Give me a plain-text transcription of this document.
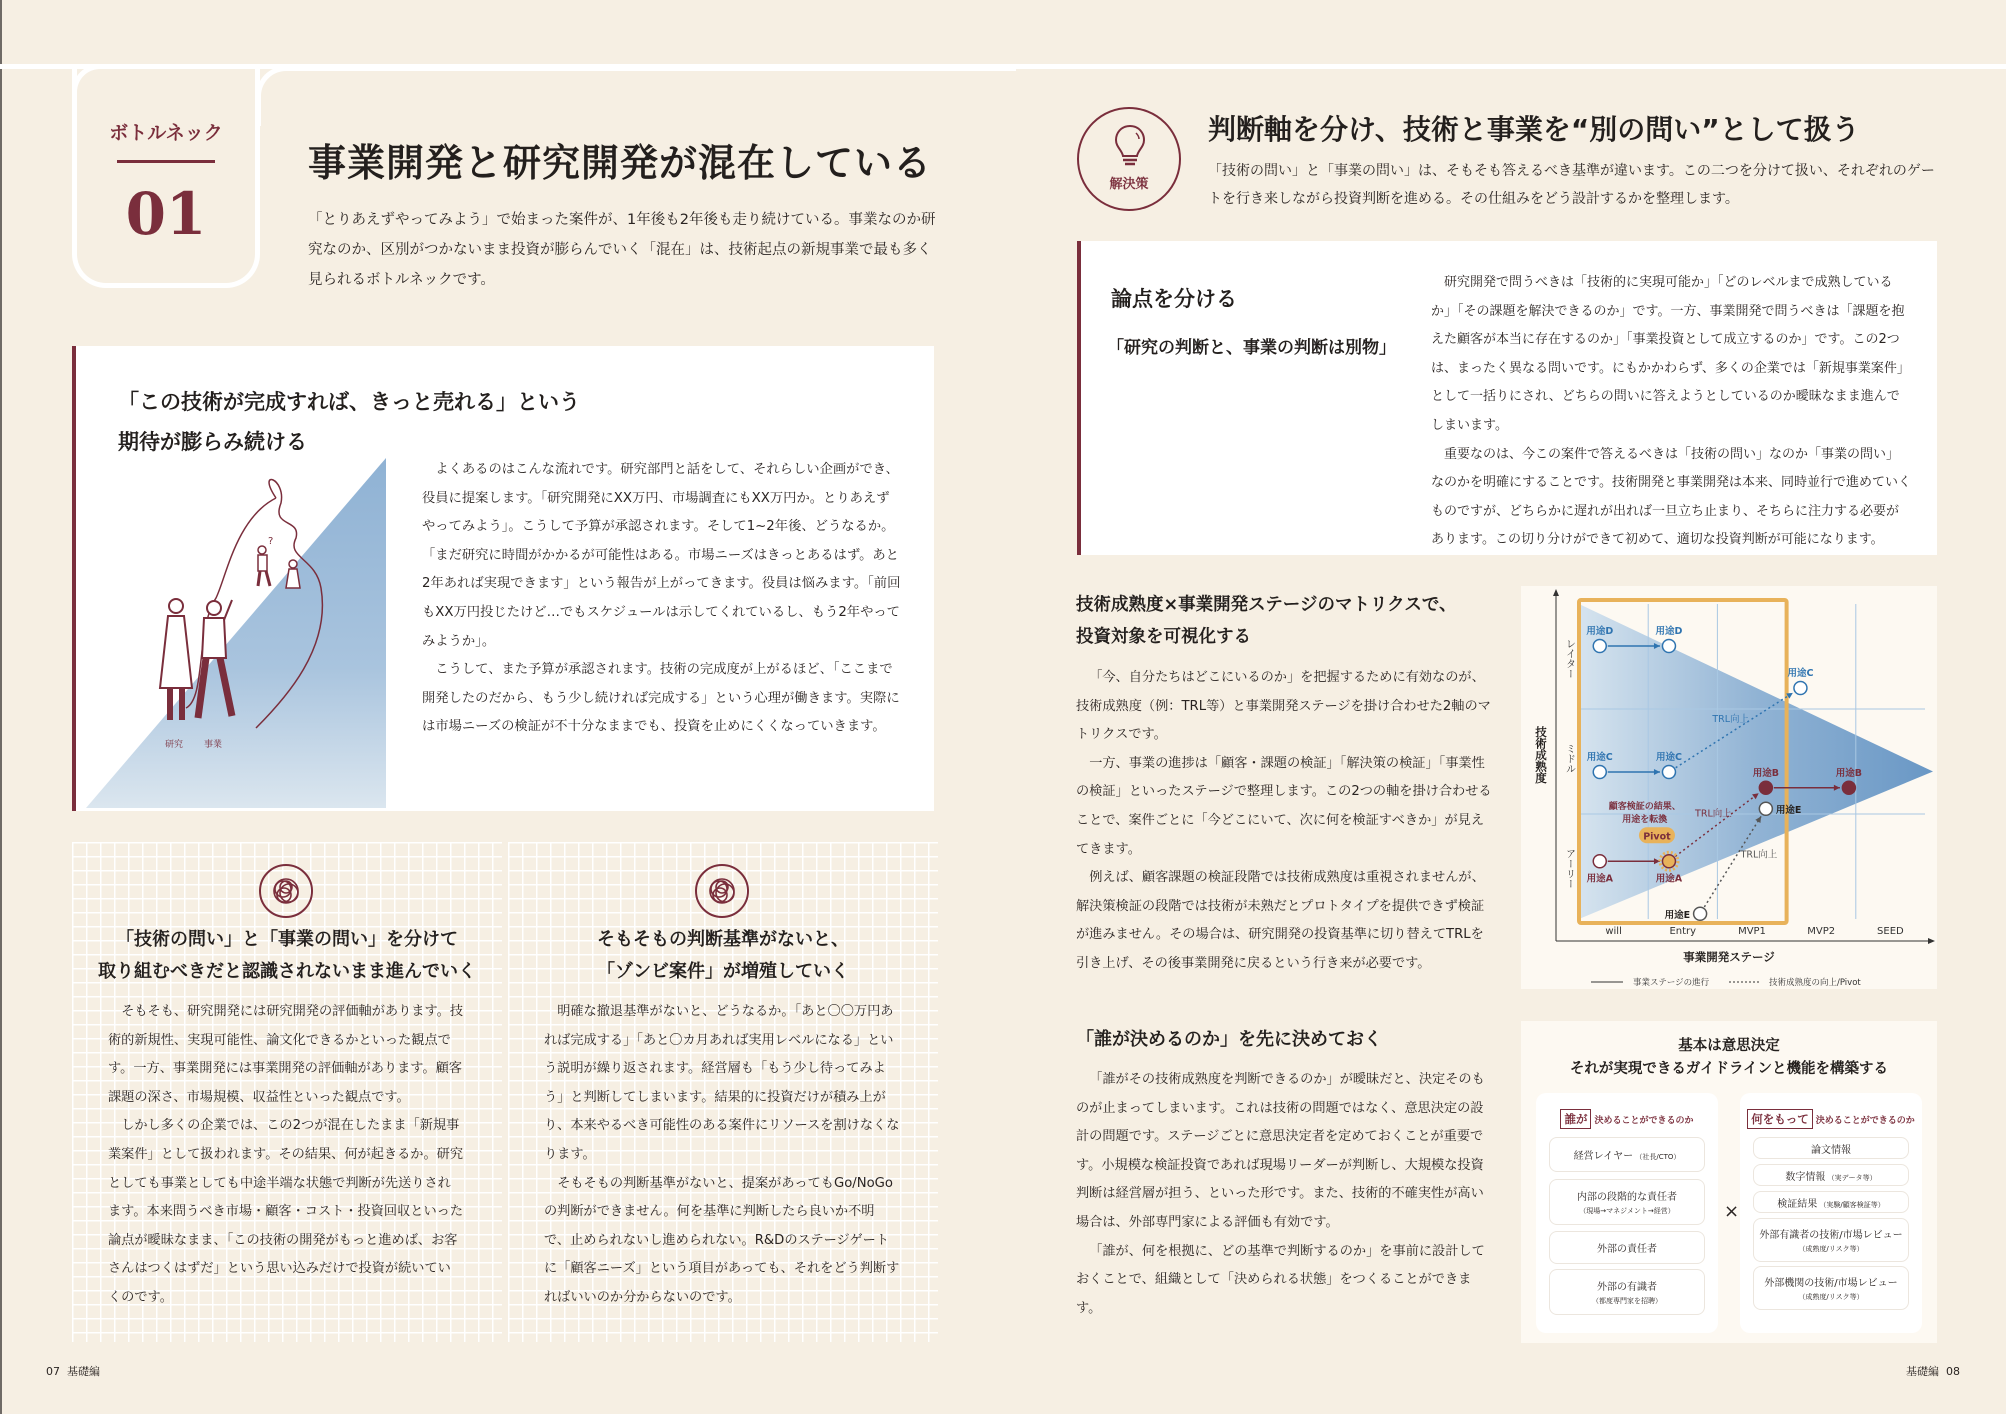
ボトルネック
01
事業開発と研究開発が混在している

「とりあえずやってみよう」で始まった案件が、1年後も2年後も走り続けている。事業なのか研究なのか、区別がつかないまま投資が膨らんでいく「混在」は、技術起点の新規事業で最も多く見られるボトルネックです。

「この技術が完成すれば、きっと売れる」という
期待が膨らみ続ける
?
研究 事業

よくあるのはこんな流れです。研究部門と話をして、それらしい企画ができ、役員に提案します。「研究開発にXX万円、市場調査にもXX万円か。とりあえずやってみよう」。こうして予算が承認されます。そして1~2年後、どうなるか。「まだ研究に時間がかかるが可能性はある。市場ニーズはきっとあるはず。あと2年あれば実現できます」という報告が上がってきます。役員は悩みます。「前回もXX万円投じたけど…でもスケジュールは示してくれているし、もう2年やってみようか」。

こうして、また予算が承認されます。技術の完成度が上がるほど、「ここまで開発したのだから、もう少し続ければ完成する」という心理が働きます。実際には市場ニーズの検証が不十分なままでも、投資を止めにくくなっていきます。

「技術の問い」と「事業の問い」を分けて
取り組むべきだと認識されないまま進んでいく

そもそも、研究開発には研究開発の評価軸があります。技術的新規性、実現可能性、論文化できるかといった観点です。一方、事業開発には事業開発の評価軸があります。顧客課題の深さ、市場規模、収益性といった観点です。

しかし多くの企業では、この2つが混在したまま「新規事業案件」として扱われます。その結果、何が起きるか。研究としても事業としても中途半端な状態で判断が先送りされます。本来問うべき市場・顧客・コスト・投資回収といった論点が曖昧なまま、「この技術の開発がもっと進めば、お客さんはつくはずだ」という思い込みだけで投資が続いていくのです。

そもそもの判断基準がないと、
「ゾンビ案件」が増殖していく

明確な撤退基準がないと、どうなるか。「あと〇〇万円あれば完成する」「あと〇カ月あれば実用レベルになる」という説明が繰り返されます。経営層も「もう少し待ってみよう」と判断してしまいます。結果的に投資だけが積み上がり、本来やるべき可能性のある案件にリソースを割けなくなります。

そもそもの判断基準がないと、提案があってもGo/NoGoの判断ができません。何を基準に判断したら良いか不明で、止められないし進められない。R&Dのステージゲートに「顧客ニーズ」という項目があっても、それをどう判断すればいいのか分からないのです。

07 基礎編
解決策
判断軸を分け、技術と事業を“別の問い”として扱う

「技術の問い」と「事業の問い」は、そもそも答えるべき基準が違います。この二つを分けて扱い、それぞれのゲートを行き来しながら投資判断を進める。その仕組みをどう設計するかを整理します。

論点を分ける
「研究の判断と、事業の判断は別物」

研究開発で問うべきは「技術的に実現可能か」「どのレベルまで成熟しているか」「その課題を解決できるのか」です。一方、事業開発で問うべきは「課題を抱えた顧客が本当に存在するのか」「事業投資として成立するのか」です。この2つは、まったく異なる問いです。にもかかわらず、多くの企業では「新規事業案件」として一括りにされ、どちらの問いに答えようとしているのか曖昧なまま進んでしまいます。

重要なのは、今この案件で答えるべきは「技術の問い」なのか「事業の問い」なのかを明確にすることです。技術開発と事業開発は本来、同時並行で進めていくものですが、どちらかに遅れが出れば一旦立ち止まり、そちらに注力する必要があります。この切り分けができて初めて、適切な投資判断が可能になります。

技術成熟度×事業開発ステージのマトリクスで、
投資対象を可視化する

「今、自分たちはどこにいるのか」を把握するために有効なのが、技術成熟度（例：TRL等）と事業開発ステージを掛け合わせた2軸のマトリクスです。

一方、事業の進捗は「顧客・課題の検証」「解決策の検証」「事業性の検証」といったステージで整理します。この2つの軸を掛け合わせることで、案件ごとに「今どこにいて、次に何を検証すべきか」が見えてきます。

例えば、顧客課題の検証段階では技術成熟度は重視されませんが、解決策検証の段階では技術が未熟だとプロトタイプを提供できず検証が進みません。その場合は、研究開発の投資基準に切り替えてTRLを引き上げ、その後事業開発に戻るという行き来が必要です。

will	Entry	MVP1	MVP2	SEED
アーリー
ミドル
レイター
事業開発ステージ
技術成熟度
TRL向上
TRL向上
TRL向上
用途D	用途D
用途C	用途C
用途C
用途B	用途B
用途A	用途A
用途E
用途E
顧客検証の結果、
用途を転換
Pivot
事業ステージの進行	技術成熟度の向上/Pivot
「誰が決めるのか」を先に決めておく

「誰がその技術成熟度を判断できるのか」が曖昧だと、決定そのものが止まってしまいます。これは技術の問題ではなく、意思決定の設計の問題です。ステージごとに意思決定者を定めておくことが重要です。小規模な検証投資であれば現場リーダーが判断し、大規模な投資判断は経営層が担う、といった形です。また、技術的不確実性が高い場合は、外部専門家による評価も有効です。

「誰が、何を根拠に、どの基準で判断するのか」を事前に設計しておくことで、組織として「決められる状態」をつくることができます。

基本は意思決定
それが実現できるガイドラインと機能を構築する
誰が 決めることができるのか
経営レイヤー （社長/CTO）
内部の段階的な責任者
（現場→マネジメント→経営）
外部の責任者
外部の有識者
（都度専門家を招聘）
×
何をもって 決めることができるのか
論文情報
数字情報 （実データ等）
検証結果 （実験/顧客検証等）
外部有識者の技術/市場レビュー
（成熟度/リスク等）
外部機関の技術/市場レビュー
（成熟度/リスク等）
基礎編 08
